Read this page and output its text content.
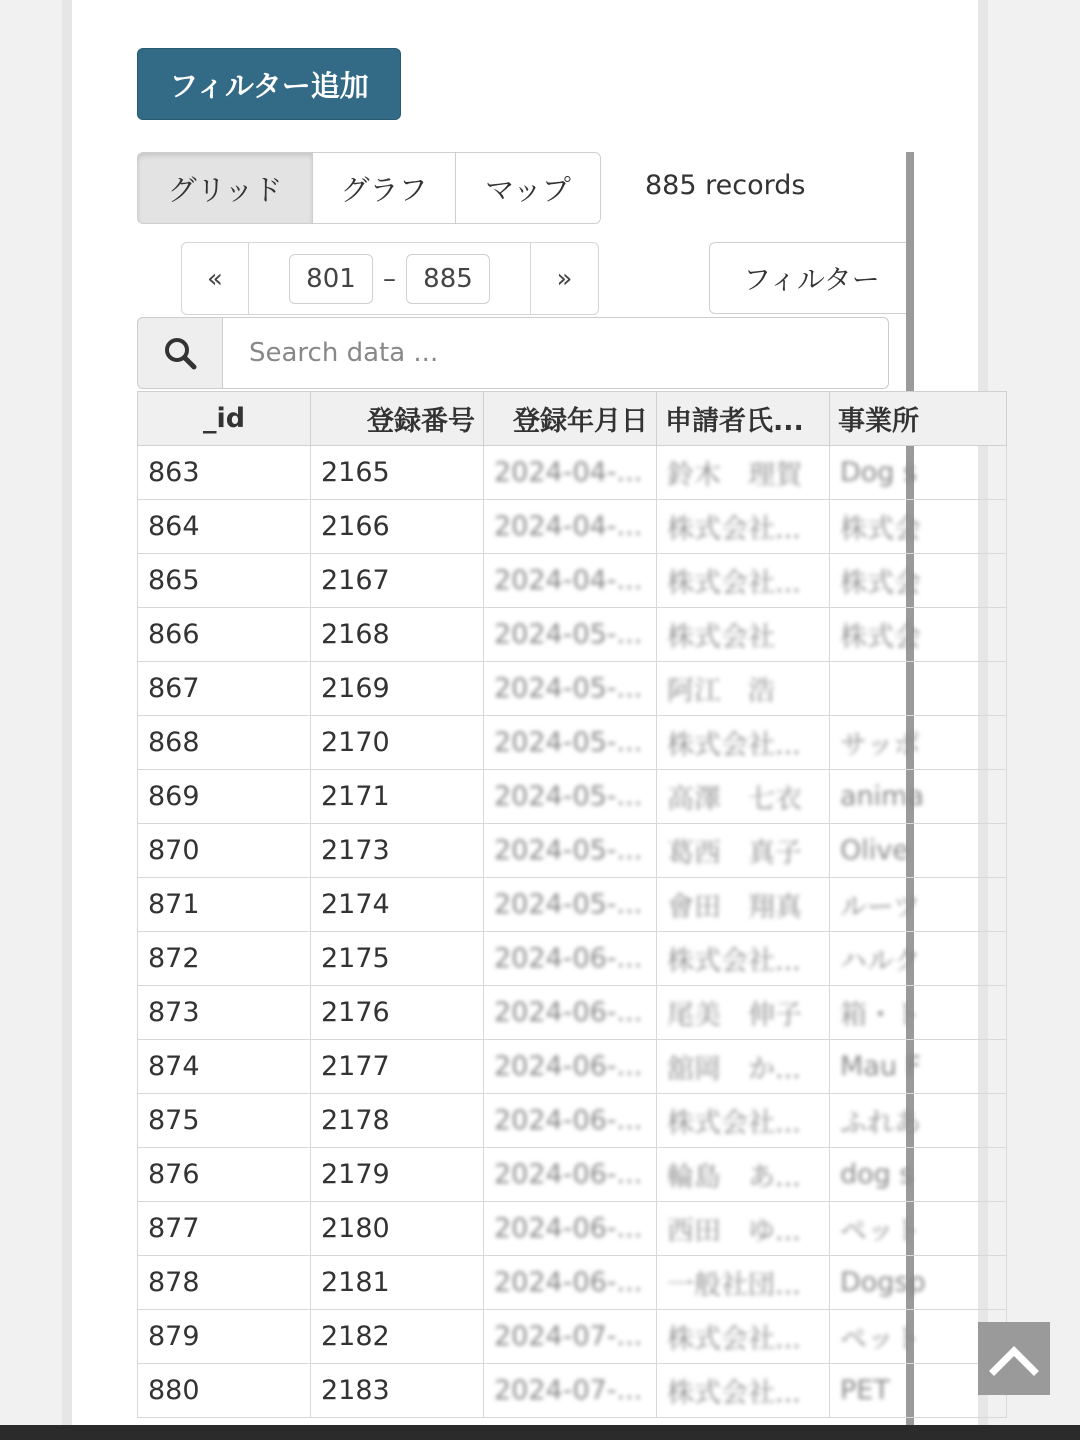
フィルター追加
グリッド	グラフ	マップ	885 records
«	801	–	885	»	フィルター
Search data ...
_id	登録番号	登録年月日	申請者氏...	事業所
863	2165	2024-04-...	鈴木　理賀	Dog s
864	2166	2024-04-...	株式会社...	株式会
865	2167	2024-04-...	株式会社...	株式会
866	2168	2024-05-...	株式会社	株式会
867	2169	2024-05-...	阿江　浩	
868	2170	2024-05-...	株式会社...	サッポ
869	2171	2024-05-...	高澤　七衣	anima
870	2173	2024-05-...	葛西　真子	Olive
871	2174	2024-05-...	會田　翔真	ルーツ
872	2175	2024-06-...	株式会社...	ハルク
873	2176	2024-06-...	尾美　伸子	箱・ト
874	2177	2024-06-...	舘岡　か...	Mau F
875	2178	2024-06-...	株式会社...	ふれあ
876	2179	2024-06-...	輪島　あ...	dog s
877	2180	2024-06-...	西田　ゆ...	ペット
878	2181	2024-06-...	一般社団...	Dogsp
879	2182	2024-07-...	株式会社...	ペット
880	2183	2024-07-...	株式会社...	PET
